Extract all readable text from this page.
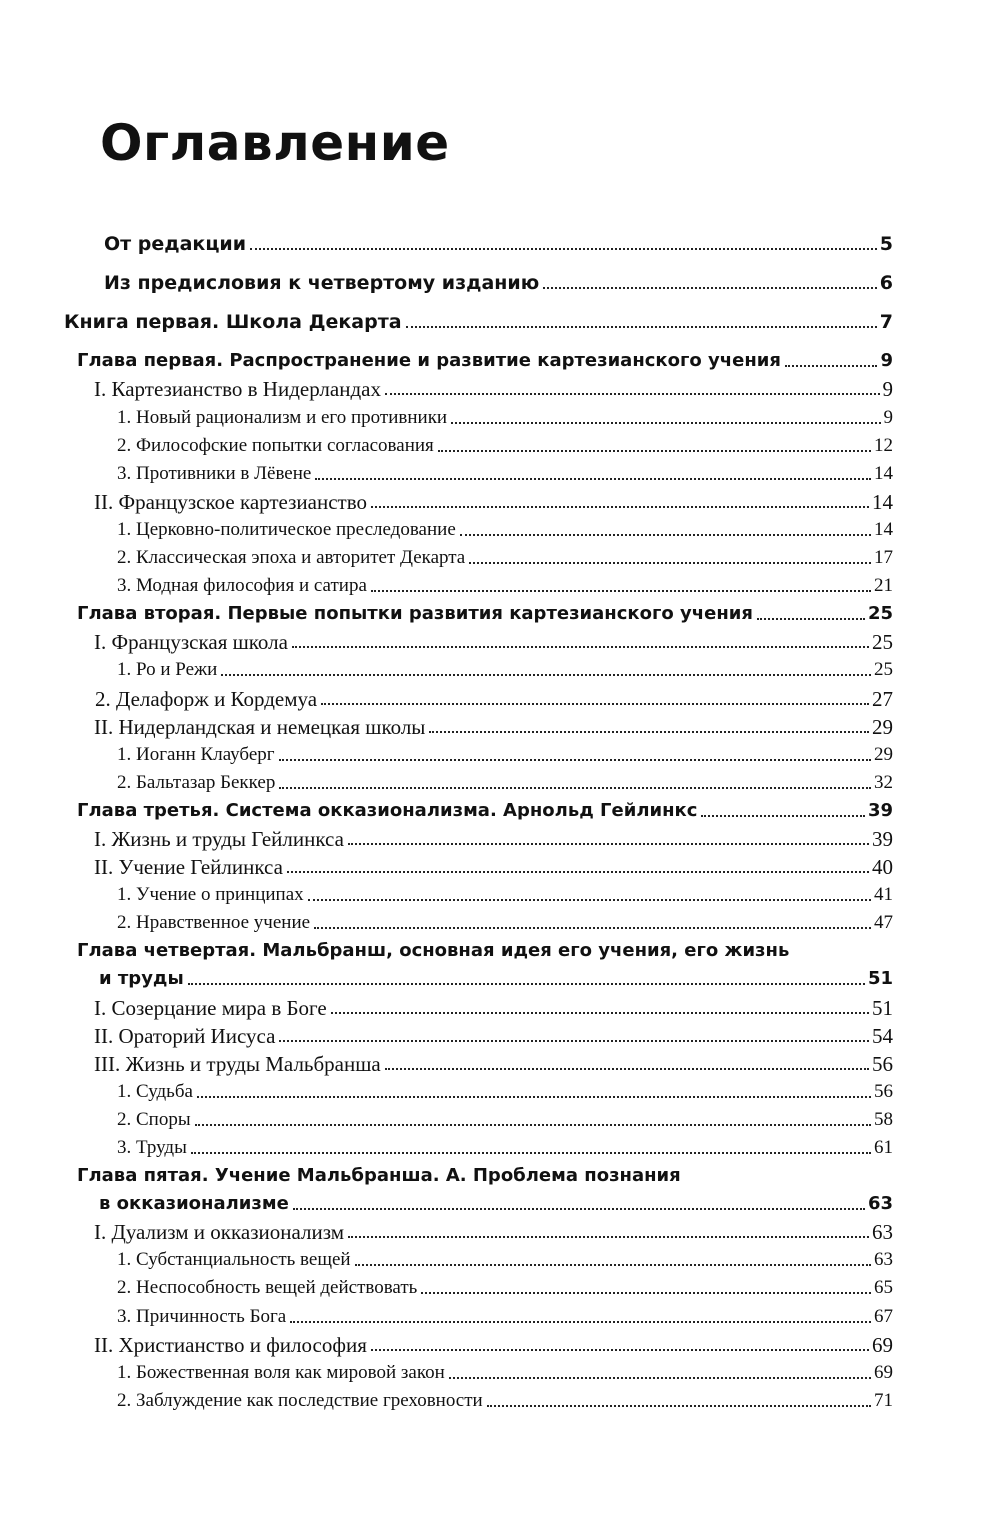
Оглавление
От редакции	5
Из предисловия к четвертому изданию	6
Книга первая. Школа Декарта	7
Глава первая. Распространение и развитие картезианского учения	9
I. Картезианство в Нидерландах	9
1. Новый рационализм и его противники	9
2. Философские попытки согласования	12
3. Противники в Лёвене	14
II. Французское картезианство	14
1. Церковно-политическое преследование	14
2. Классическая эпоха и авторитет Декарта	17
3. Модная философия и сатира	21
Глава вторая. Первые попытки развития картезианского учения	25
I. Французская школа	25
1. Ро и Режи	25
2. Делафорж и Кордемуа	27
II. Нидерландская и немецкая школы	29
1. Иоганн Клауберг	29
2. Бальтазар Беккер	32
Глава третья. Система окказионализма. Арнольд Гейлинкс	39
I. Жизнь и труды Гейлинкса	39
II. Учение Гейлинкса	40
1. Учение о принципах	41
2. Нравственное учение	47
Глава четвертая. Мальбранш, основная идея его учения, его жизнь
и труды	51
I. Созерцание мира в Боге	51
II. Ораторий Иисуса	54
III. Жизнь и труды Мальбранша	56
1. Судьба	56
2. Споры	58
3. Труды	61
Глава пятая. Учение Мальбранша. А. Проблема познания
в окказионализме	63
I. Дуализм и окказионализм	63
1. Субстанциальность вещей	63
2. Неспособность вещей действовать	65
3. Причинность Бога	67
II. Христианство и философия	69
1. Божественная воля как мировой закон	69
2. Заблуждение как последствие греховности	71
